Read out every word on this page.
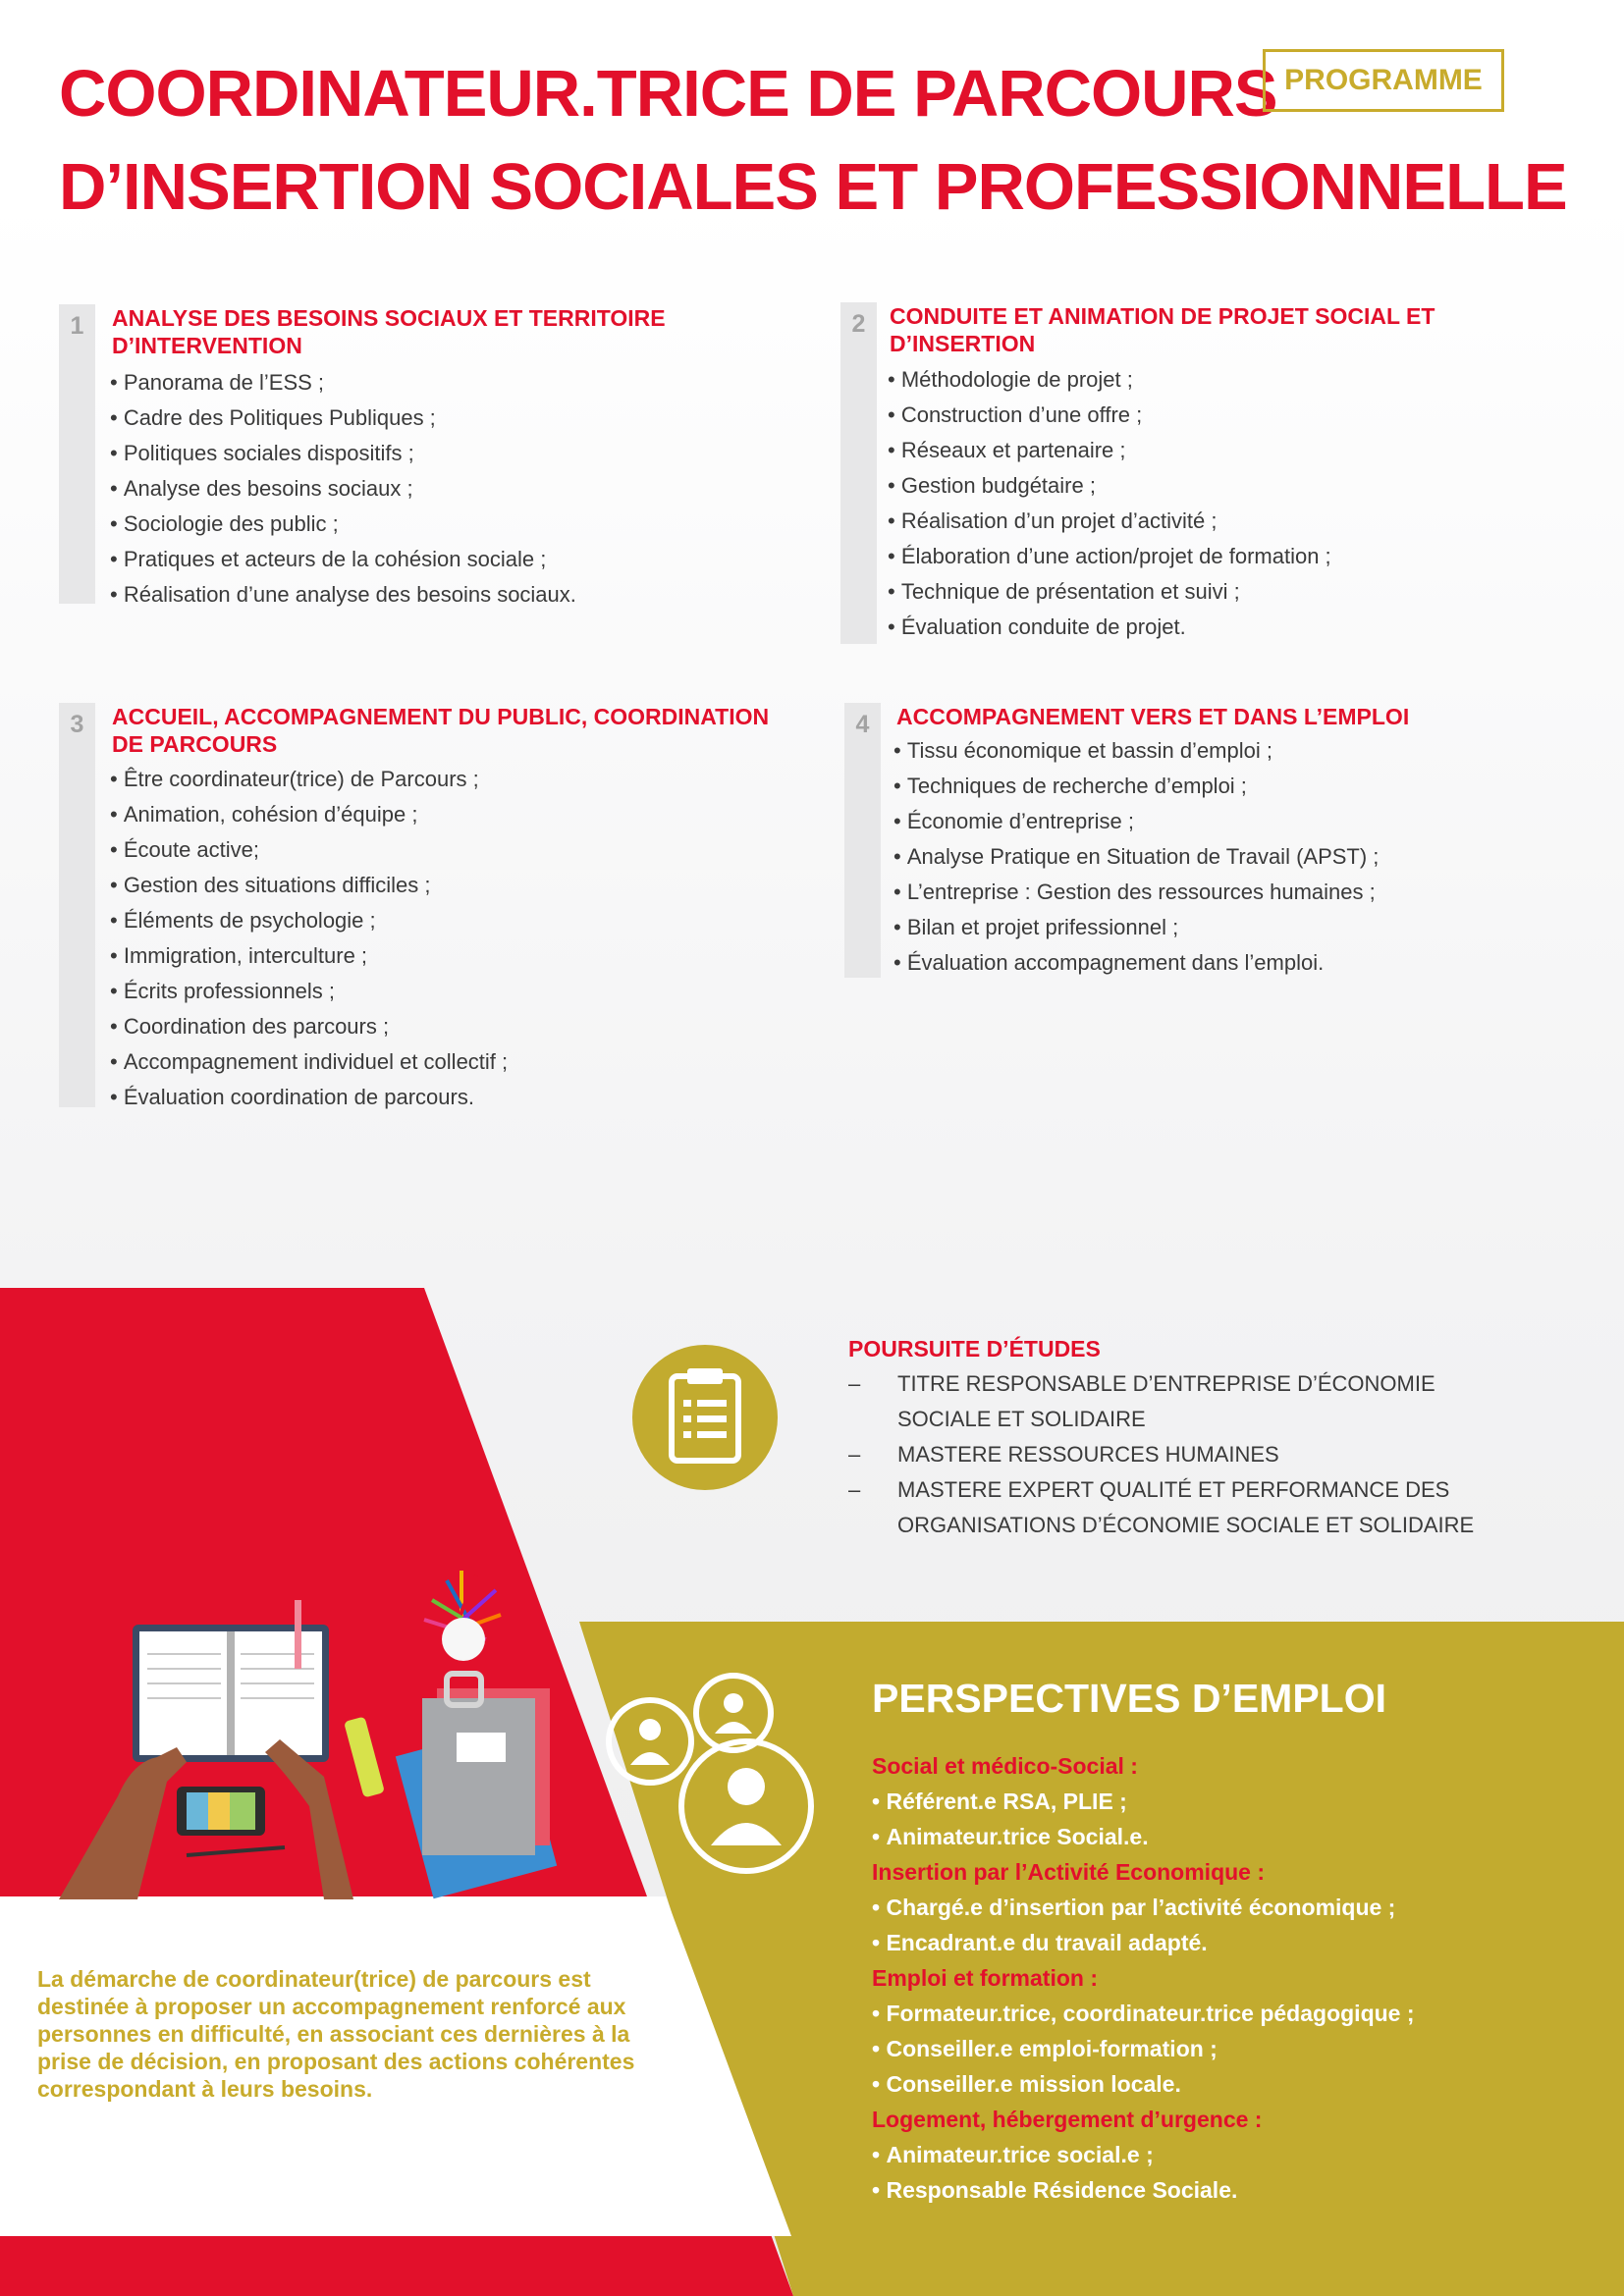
COORDINATEUR.TRICE DE PARCOURS
D’INSERTION SOCIALES ET PROFESSIONNELLE
PROGRAMME
1	ANALYSE DES BESOINS SOCIAUX ET TERRITOIRE D’INTERVENTION
• Panorama de l’ESS ;
• Cadre des Politiques Publiques ;
• Politiques sociales dispositifs ;
• Analyse des besoins sociaux ;
• Sociologie des public ;
• Pratiques et acteurs de la cohésion sociale ;
• Réalisation d’une analyse des besoins sociaux.
2	CONDUITE ET ANIMATION DE PROJET SOCIAL ET D’INSERTION
• Méthodologie de projet ;
• Construction d’une offre ;
• Réseaux et partenaire ;
• Gestion budgétaire ;
• Réalisation d’un projet d’activité ;
• Élaboration d’une action/projet de formation ;
• Technique de présentation et suivi ;
• Évaluation conduite de projet.
3	ACCUEIL, ACCOMPAGNEMENT DU PUBLIC, COORDINATION DE PARCOURS
• Être coordinateur(trice) de Parcours ;
• Animation, cohésion d’équipe ;
• Écoute active;
• Gestion des situations difficiles ;
• Éléments de psychologie ;
• Immigration, interculture ;
• Écrits professionnels ;
• Coordination des parcours ;
• Accompagnement individuel et collectif ;
• Évaluation coordination de parcours.
4	ACCOMPAGNEMENT VERS ET DANS L’EMPLOI
• Tissu économique et bassin d’emploi ;
• Techniques de recherche d’emploi ;
• Économie d’entreprise ;
• Analyse Pratique en Situation de Travail (APST) ;
• L’entreprise : Gestion des ressources humaines ;
• Bilan et projet prifessionnel ;
• Évaluation accompagnement dans l’emploi.
POURSUITE D’ÉTUDES
– TITRE RESPONSABLE D’ENTREPRISE D’ÉCONOMIE SOCIALE ET SOLIDAIRE
– MASTERE RESSOURCES HUMAINES
– MASTERE EXPERT QUALITÉ ET PERFORMANCE DES ORGANISATIONS D’ÉCONOMIE SOCIALE ET SOLIDAIRE
PERSPECTIVES D’EMPLOI
Social et médico-Social :
• Référent.e RSA, PLIE ;
• Animateur.trice Social.e.
Insertion par l’Activité Economique :
• Chargé.e d’insertion par l’activité économique ;
• Encadrant.e du travail adapté.
Emploi et formation :
• Formateur.trice, coordinateur.trice pédagogique ;
• Conseiller.e emploi-formation ;
• Conseiller.e mission locale.
Logement, hébergement d’urgence :
• Animateur.trice social.e ;
• Responsable Résidence Sociale.

La démarche de coordinateur(trice) de parcours est destinée à proposer un accompagnement renforcé aux personnes en difficulté, en associant ces dernières à la prise de décision, en proposant des actions cohérentes correspondant à leurs besoins.
